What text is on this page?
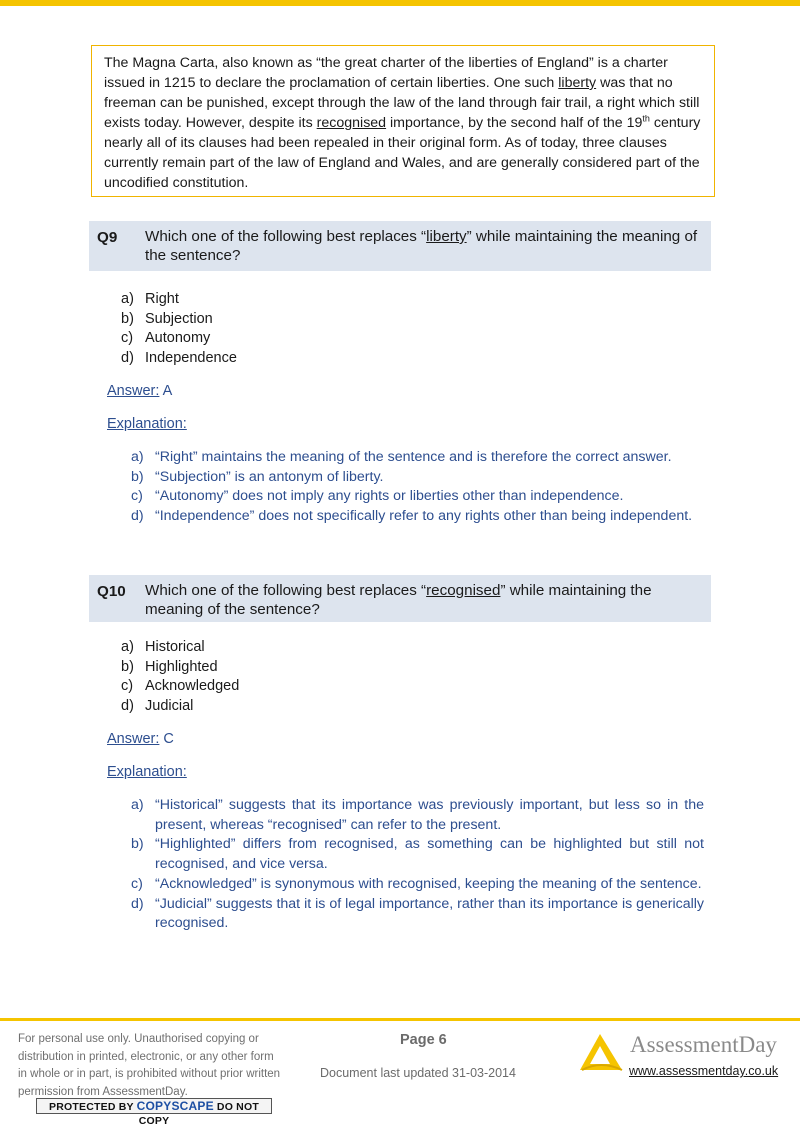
The Magna Carta, also known as “the great charter of the liberties of England” is a charter issued in 1215 to declare the proclamation of certain liberties. One such liberty was that no freeman can be punished, except through the law of the land through fair trail, a right which still exists today. However, despite its recognised importance, by the second half of the 19th century nearly all of its clauses had been repealed in their original form. As of today, three clauses currently remain part of the law of England and Wales, and are generally considered part of the uncodified constitution.
Q9 Which one of the following best replaces “liberty” while maintaining the meaning of the sentence?
a) Right
b) Subjection
c) Autonomy
d) Independence
Answer: A
Explanation:
a) “Right” maintains the meaning of the sentence and is therefore the correct answer.
b) “Subjection” is an antonym of liberty.
c) “Autonomy” does not imply any rights or liberties other than independence.
d) “Independence” does not specifically refer to any rights other than being independent.
Q10 Which one of the following best replaces “recognised” while maintaining the meaning of the sentence?
a) Historical
b) Highlighted
c) Acknowledged
d) Judicial
Answer: C
Explanation:
a) “Historical” suggests that its importance was previously important, but less so in the present, whereas “recognised” can refer to the present.
b) “Highlighted” differs from recognised, as something can be highlighted but still not recognised, and vice versa.
c) “Acknowledged” is synonymous with recognised, keeping the meaning of the sentence.
d) “Judicial” suggests that it is of legal importance, rather than its importance is generically recognised.
For personal use only. Unauthorised copying or distribution in printed, electronic, or any other form in whole or in part, is prohibited without prior written permission from AssessmentDay.
PROTECTED BY COPYSCAPE DO NOT COPY
Page 6
Document last updated 31-03-2014
AssessmentDay
www.assessmentday.co.uk
